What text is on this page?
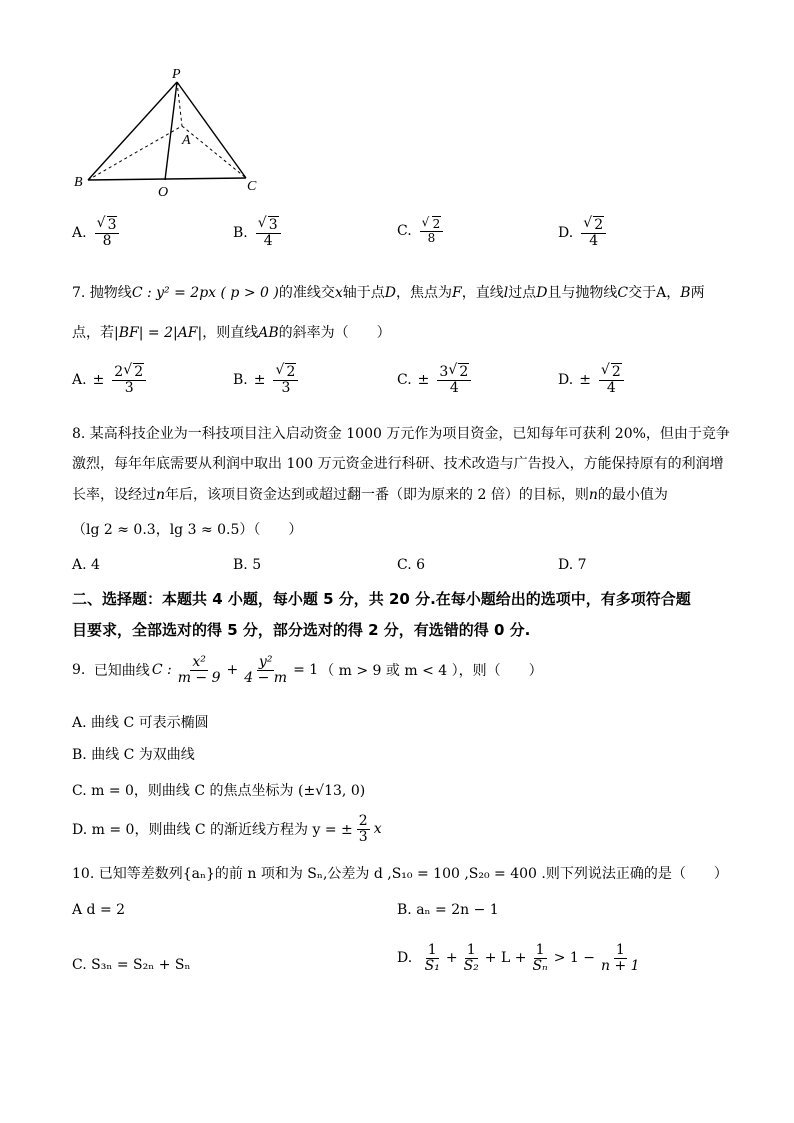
P
A
B
O	C
A. √ $\frac{3}{8}$	B. √ $\frac{3}{4}$	C. √ $\frac{2}{8}$	D. √ $\frac{2}{4}$
7. 抛物线C : y² = 2px ( p > 0 )的准线交x轴于点D，焦点为F，直线l过点D且与抛物线C交于A，B两
点，若|BF| = 2|AF|，则直线AB的斜率为（　　）
A. ± $\frac{2 √ 2}{3}$	B. ± √ $\frac{2}{3}$	C. ± $\frac{3 √ 2}{4}$	D. ± √ $\frac{2}{4}$
8. 某高科技企业为一科技项目注入启动资金 1000 万元作为项目资金，已知每年可获利 20%，但由于竞争
激烈，每年年底需要从利润中取出 100 万元资金进行科研、技术改造与广告投入，方能保持原有的利润增
长率，设经过n年后，该项目资金达到或超过翻一番（即为原来的 2 倍）的目标，则n的最小值为
（lg 2 ≈ 0.3，lg 3 ≈ 0.5）（　　）
A. 4	B. 5	C. 6	D. 7
二、选择题：本题共 4 小题，每小题 5 分，共 20 分.在每小题给出的选项中，有多项符合题
目要求，全部选对的得 5 分，部分选对的得 2 分，有选错的得 0 分.
9.
已知曲线 C : $\frac{\text{x²}}{m - 9} + \frac{\text{y²}}{4 - m} = 1$ （ m > 9 或 m < 4 ），则（　　）
A. 曲线 C 可表示椭圆
B. 曲线 C 为双曲线
C. m = 0，则曲线 C 的焦点坐标为 (±√13, 0)
D. m = 0，则曲线 C 的渐近线方程为 y = ± $\frac{2}{3}$ x
10. 已知等差数列{aₙ}的前 n 项和为 Sₙ,公差为 d ,S₁₀ = 100 ,S₂₀ = 400 .则下列说法正确的是（　　）
A d = 2	B. aₙ = 2n − 1
C. S₃ₙ = S₂ₙ + Sₙ	D.
$\frac{1}{\text{S₁}} + \frac{1}{\text{S₂}} + L + \frac{1}{\text{Sₙ}} > 1 - \frac{1}{n + 1}$
